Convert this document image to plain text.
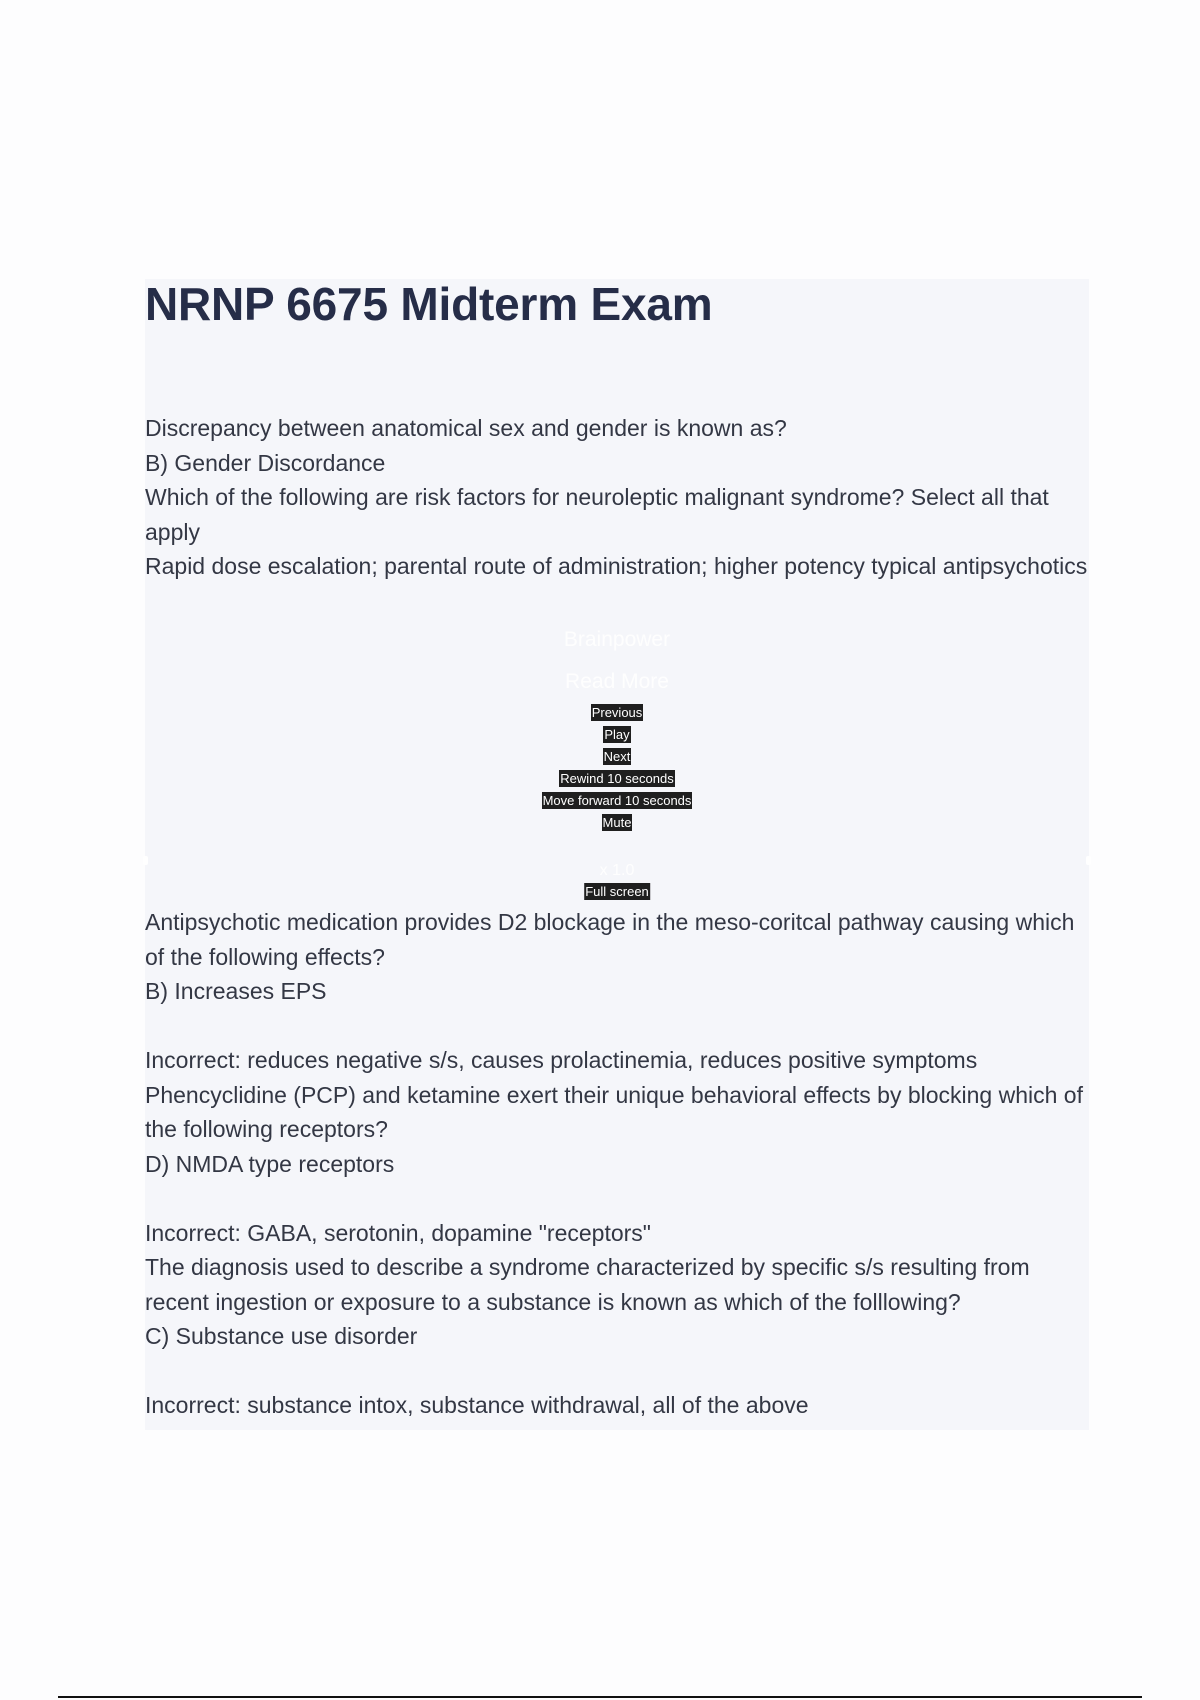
NRNP 6675 Midterm Exam

Discrepancy between anatomical sex and gender is known as?

B) Gender Discordance

Which of the following are risk factors for neuroleptic malignant syndrome? Select all that apply

Rapid dose escalation; parental route of administration; higher potency typical antipsychotics

Brainpower
Read More
Previous
Play
Next
Rewind 10 seconds
Move forward 10 seconds
Mute
x 1.0
Full screen

Antipsychotic medication provides D2 blockage in the meso-coritcal pathway causing which of the following effects?

B) Increases EPS

Incorrect: reduces negative s/s, causes prolactinemia, reduces positive symptoms

Phencyclidine (PCP) and ketamine exert their unique behavioral effects by blocking which of the following receptors?

D) NMDA type receptors

Incorrect: GABA, serotonin, dopamine "receptors"

The diagnosis used to describe a syndrome characterized by specific s/s resulting from recent ingestion or exposure to a substance is known as which of the folllowing?

C) Substance use disorder

Incorrect: substance intox, substance withdrawal, all of the above
